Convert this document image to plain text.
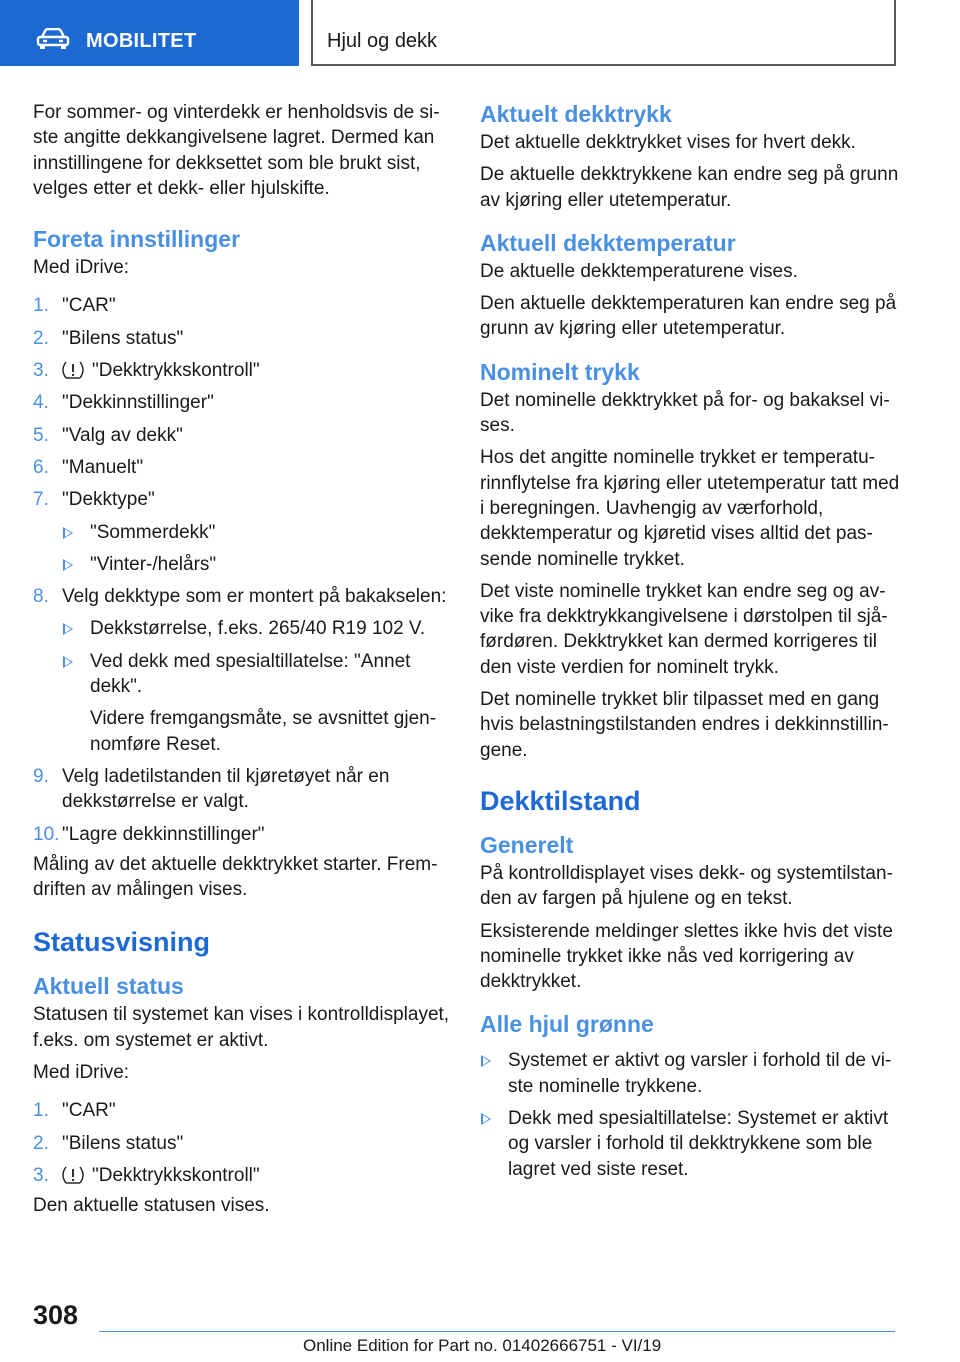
MOBILITET	Hjul og dekk

For sommer- og vinterdekk er henholdsvis de siste angitte dekkangivelsene lagret. Dermed kan innstillingene for dekksettet som ble brukt sist, velges etter et dekk- eller hjulskifte.

Foreta innstillinger

Med iDrive:

1. "CAR"
2. "Bilens status"
3. "Dekktrykkskontroll"
4. "Dekkinnstillinger"
5. "Valg av dekk"
6. "Manuelt"
7. "Dekktype"
"Sommerdekk"
"Vinter-/helårs"
8. Velg dekktype som er montert på bakakselen:
Dekkstørrelse, f.eks. 265/40 R19 102 V.
Ved dekk med spesialtillatelse: "Annet dekk".
Videre fremgangsmåte, se avsnittet gjennomføre Reset.
9. Velg ladetilstanden til kjøretøyet når en dekkstørrelse er valgt.
10. "Lagre dekkinnstillinger"

Måling av det aktuelle dekktrykket starter. Fremdriften av målingen vises.

Statusvisning
Aktuell status

Statusen til systemet kan vises i kontrolldisplayet, f.eks. om systemet er aktivt.

Med iDrive:

1. "CAR"
2. "Bilens status"
3. "Dekktrykkskontroll"

Den aktuelle statusen vises.

Aktuelt dekktrykk

Det aktuelle dekktrykket vises for hvert dekk.

De aktuelle dekktrykkene kan endre seg på grunn av kjøring eller utetemperatur.

Aktuell dekktemperatur

De aktuelle dekktemperaturene vises.

Den aktuelle dekktemperaturen kan endre seg på grunn av kjøring eller utetemperatur.

Nominelt trykk

Det nominelle dekktrykket på for- og bakaksel vises.

Hos det angitte nominelle trykket er temperaturinnflytelse fra kjøring eller utetemperatur tatt med i beregningen. Uavhengig av værforhold, dekktemperatur og kjøretid vises alltid det passende nominelle trykket.

Det viste nominelle trykket kan endre seg og avvike fra dekktrykkangivelsene i dørstolpen til sjåførdøren. Dekktrykket kan dermed korrigeres til den viste verdien for nominelt trykk.

Det nominelle trykket blir tilpasset med en gang hvis belastningstilstanden endres i dekkinnstillingene.

Dekktilstand
Generelt

På kontrolldisplayet vises dekk- og systemtilstanden av fargen på hjulene og en tekst.

Eksisterende meldinger slettes ikke hvis det viste nominelle trykket ikke nås ved korrigering av dekktrykket.

Alle hjul grønne
Systemet er aktivt og varsler i forhold til de viste nominelle trykkene.
Dekk med spesialtillatelse: Systemet er aktivt og varsler i forhold til dekktrykkene som ble lagret ved siste reset.
308
Online Edition for Part no. 01402666751 - VI/19
